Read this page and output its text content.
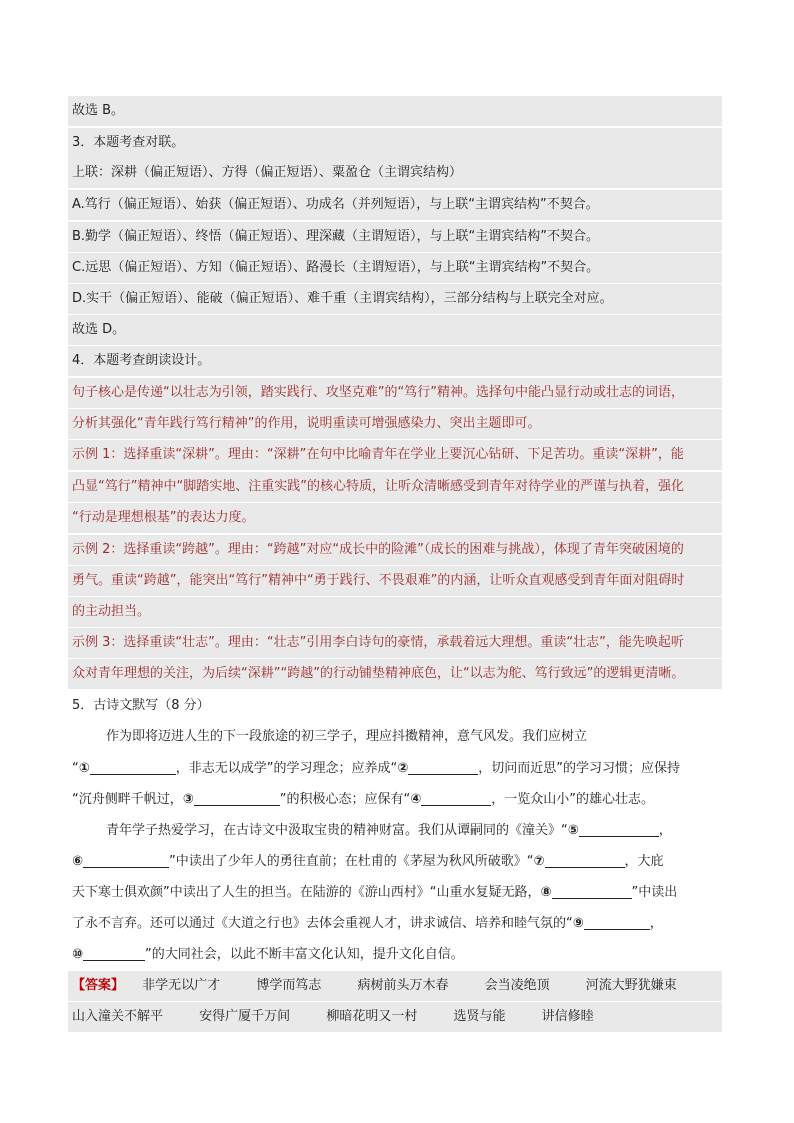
故选 B。
3．本题考查对联。
上联：深耕（偏正短语）、方得（偏正短语）、粟盈仓（主谓宾结构）
A.笃行（偏正短语）、始获（偏正短语）、功成名（并列短语），与上联“主谓宾结构”不契合。
B.勤学（偏正短语）、终悟（偏正短语）、理深藏（主谓短语），与上联“主谓宾结构”不契合。
C.远思（偏正短语）、方知（偏正短语）、路漫长（主谓短语），与上联“主谓宾结构”不契合。
D.实干（偏正短语）、能破（偏正短语）、难千重（主谓宾结构），三部分结构与上联完全对应。
故选 D。
4．本题考查朗读设计。
句子核心是传递“以壮志为引领，踏实践行、攻坚克难”的“笃行”精神。选择句中能凸显行动或壮志的词语，
分析其强化“青年践行笃行精神”的作用，说明重读可增强感染力、突出主题即可。
示例 1：选择重读“深耕”。理由：“深耕”在句中比喻青年在学业上要沉心钻研、下足苦功。重读“深耕”，能
凸显“笃行”精神中“脚踏实地、注重实践”的核心特质，让听众清晰感受到青年对待学业的严谨与执着，强化
“行动是理想根基”的表达力度。
示例 2：选择重读“跨越”。理由：“跨越”对应“成长中的险滩”（成长的困难与挑战），体现了青年突破困境的
勇气。重读“跨越”，能突出“笃行”精神中“勇于践行、不畏艰难”的内涵，让听众直观感受到青年面对阻碍时
的主动担当。
示例 3：选择重读“壮志”。理由：“壮志”引用李白诗句的豪情，承载着远大理想。重读“壮志”，能先唤起听
众对青年理想的关注，为后续“深耕”“跨越”的行动铺垫精神底色，让“以志为舵、笃行致远”的逻辑更清晰。
5．古诗文默写（8 分）
作为即将迈进人生的下一段旅途的初三学子，理应抖擞精神，意气风发。我们应树立
“①	，非志无以成学”的学习理念；应养成“②	，切问而近思”的学习习惯；应保持
“沉舟侧畔千帆过，③	”的积极心态；应保有“④	，一览众山小”的雄心壮志。
青年学子热爱学习，在古诗文中汲取宝贵的精神财富。我们从谭嗣同的《潼关》“⑤	，
⑥	”中读出了少年人的勇往直前；在杜甫的《茅屋为秋风所破歌》“⑦	，大庇
天下寒士俱欢颜”中读出了人生的担当。在陆游的《游山西村》“山重水复疑无路，⑧	”中读出
了永不言弃。还可以通过《大道之行也》去体会重视人才，讲求诚信、培养和睦气氛的“⑨	，
⑩	”的大同社会，以此不断丰富文化认知，提升文化自信。
【答案】 非学无以广才	博学而笃志	病树前头万木春	会当凌绝顶	河流大野犹嫌束
山入潼关不解平	安得广厦千万间	柳暗花明又一村	选贤与能	讲信修睦
